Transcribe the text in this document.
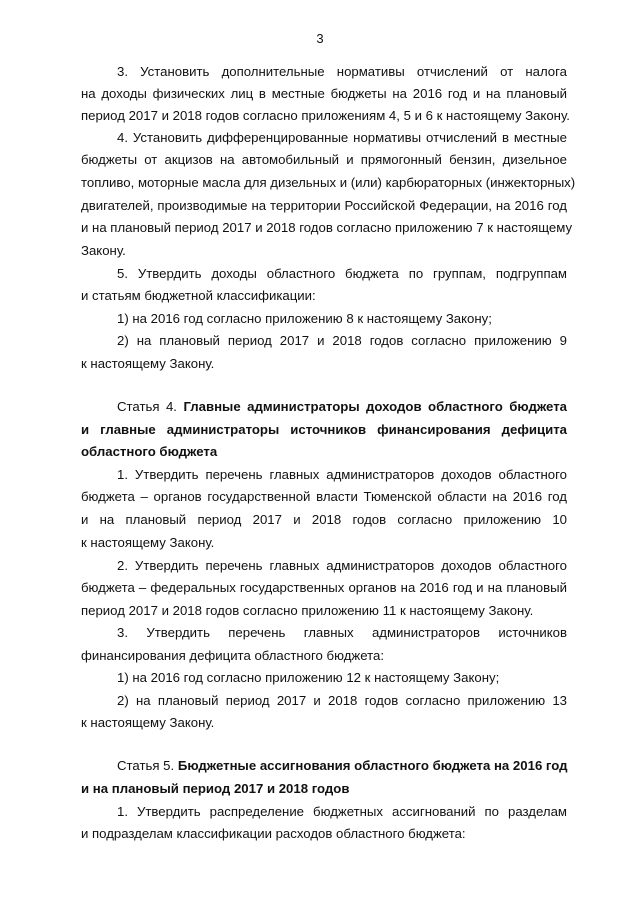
3
3. Установить дополнительные нормативы отчислений от налога
на доходы физических лиц в местные бюджеты на 2016 год и на плановый
период 2017 и 2018 годов согласно приложениям 4, 5 и 6 к настоящему Закону.
4. Установить дифференцированные нормативы отчислений в местные
бюджеты от акцизов на автомобильный и прямогонный бензин, дизельное
топливо, моторные масла для дизельных и (или) карбюраторных (инжекторных)
двигателей, производимые на территории Российской Федерации, на 2016 год
и на плановый период 2017 и 2018 годов согласно приложению 7 к настоящему
Закону.
5. Утвердить доходы областного бюджета по группам, подгруппам
и статьям бюджетной классификации:
1) на 2016 год согласно приложению 8 к настоящему Закону;
2) на плановый период 2017 и 2018 годов согласно приложению 9
к настоящему Закону.
Статья 4. Главные администраторы доходов областного бюджета
и главные администраторы источников финансирования дефицита
областного бюджета
1. Утвердить перечень главных администраторов доходов областного
бюджета – органов государственной власти Тюменской области на 2016 год
и на плановый период 2017 и 2018 годов согласно приложению 10
к настоящему Закону.
2. Утвердить перечень главных администраторов доходов областного
бюджета – федеральных государственных органов на 2016 год и на плановый
период 2017 и 2018 годов согласно приложению 11 к настоящему Закону.
3. Утвердить перечень главных администраторов источников
финансирования дефицита областного бюджета:
1) на 2016 год согласно приложению 12 к настоящему Закону;
2) на плановый период 2017 и 2018 годов согласно приложению 13
к настоящему Закону.
Статья 5. Бюджетные ассигнования областного бюджета на 2016 год
и на плановый период 2017 и 2018 годов
1. Утвердить распределение бюджетных ассигнований по разделам
и подразделам классификации расходов областного бюджета:
